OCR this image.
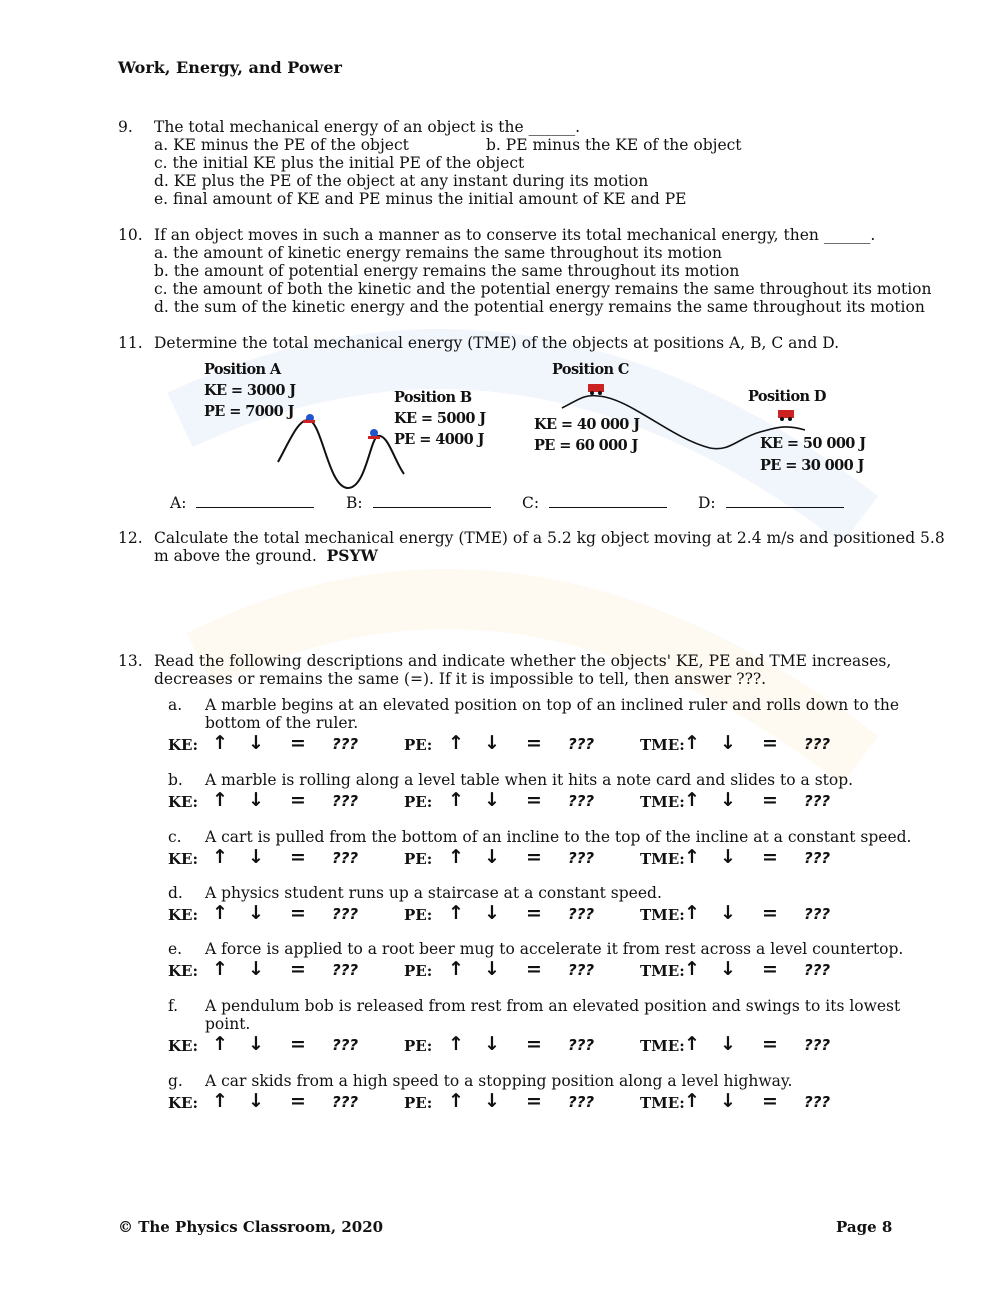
Work, Energy, and Power
9. The total mechanical energy of an object is the ______.
a. KE minus the PE of the object	b. PE minus the KE of the object
c. the initial KE plus the initial PE of the object
d. KE plus the PE of the object at any instant during its motion
e. final amount of KE and PE minus the initial amount of KE and PE
10. If an object moves in such a manner as to conserve its total mechanical energy, then ______.
a. the amount of kinetic energy remains the same throughout its motion
b. the amount of potential energy remains the same throughout its motion
c. the amount of both the kinetic and the potential energy remains the same throughout its motion
d. the sum of the kinetic energy and the potential energy remains the same throughout its motion
11. Determine the total mechanical energy (TME) of the objects at positions A, B, C and D.
Position A
KE = 3000 J
PE = 7000 J
Position B
KE = 5000 J
PE = 4000 J
Position C
KE = 40 000 J
PE = 60 000 J
Position D
KE = 50 000 J
PE = 30 000 J
A:	B:	C:	D:
12. Calculate the total mechanical energy (TME) of a 5.2 kg object moving at 2.4 m/s and positioned 5.8
m above the ground. PSYW
13. Read the following descriptions and indicate whether the objects' KE, PE and TME increases,
decreases or remains the same (=). If it is impossible to tell, then answer ???.
a. A marble begins at an elevated position on top of an inclined ruler and rolls down to the
bottom of the ruler.
KE: ↑ ↓ = ???	PE: ↑ ↓ = ???	TME: ↑ ↓ = ???
b. A marble is rolling along a level table when it hits a note card and slides to a stop.
KE: ↑ ↓ = ???	PE: ↑ ↓ = ???	TME: ↑ ↓ = ???
c. A cart is pulled from the bottom of an incline to the top of the incline at a constant speed.
KE: ↑ ↓ = ???	PE: ↑ ↓ = ???	TME: ↑ ↓ = ???
d. A physics student runs up a staircase at a constant speed.
KE: ↑ ↓ = ???	PE: ↑ ↓ = ???	TME: ↑ ↓ = ???
e. A force is applied to a root beer mug to accelerate it from rest across a level countertop.
KE: ↑ ↓ = ???	PE: ↑ ↓ = ???	TME: ↑ ↓ = ???
f. A pendulum bob is released from rest from an elevated position and swings to its lowest
point.
KE: ↑ ↓ = ???	PE: ↑ ↓ = ???	TME: ↑ ↓ = ???
g. A car skids from a high speed to a stopping position along a level highway.
KE: ↑ ↓ = ???	PE: ↑ ↓ = ???	TME: ↑ ↓ = ???
© The Physics Classroom, 2020	Page 8
